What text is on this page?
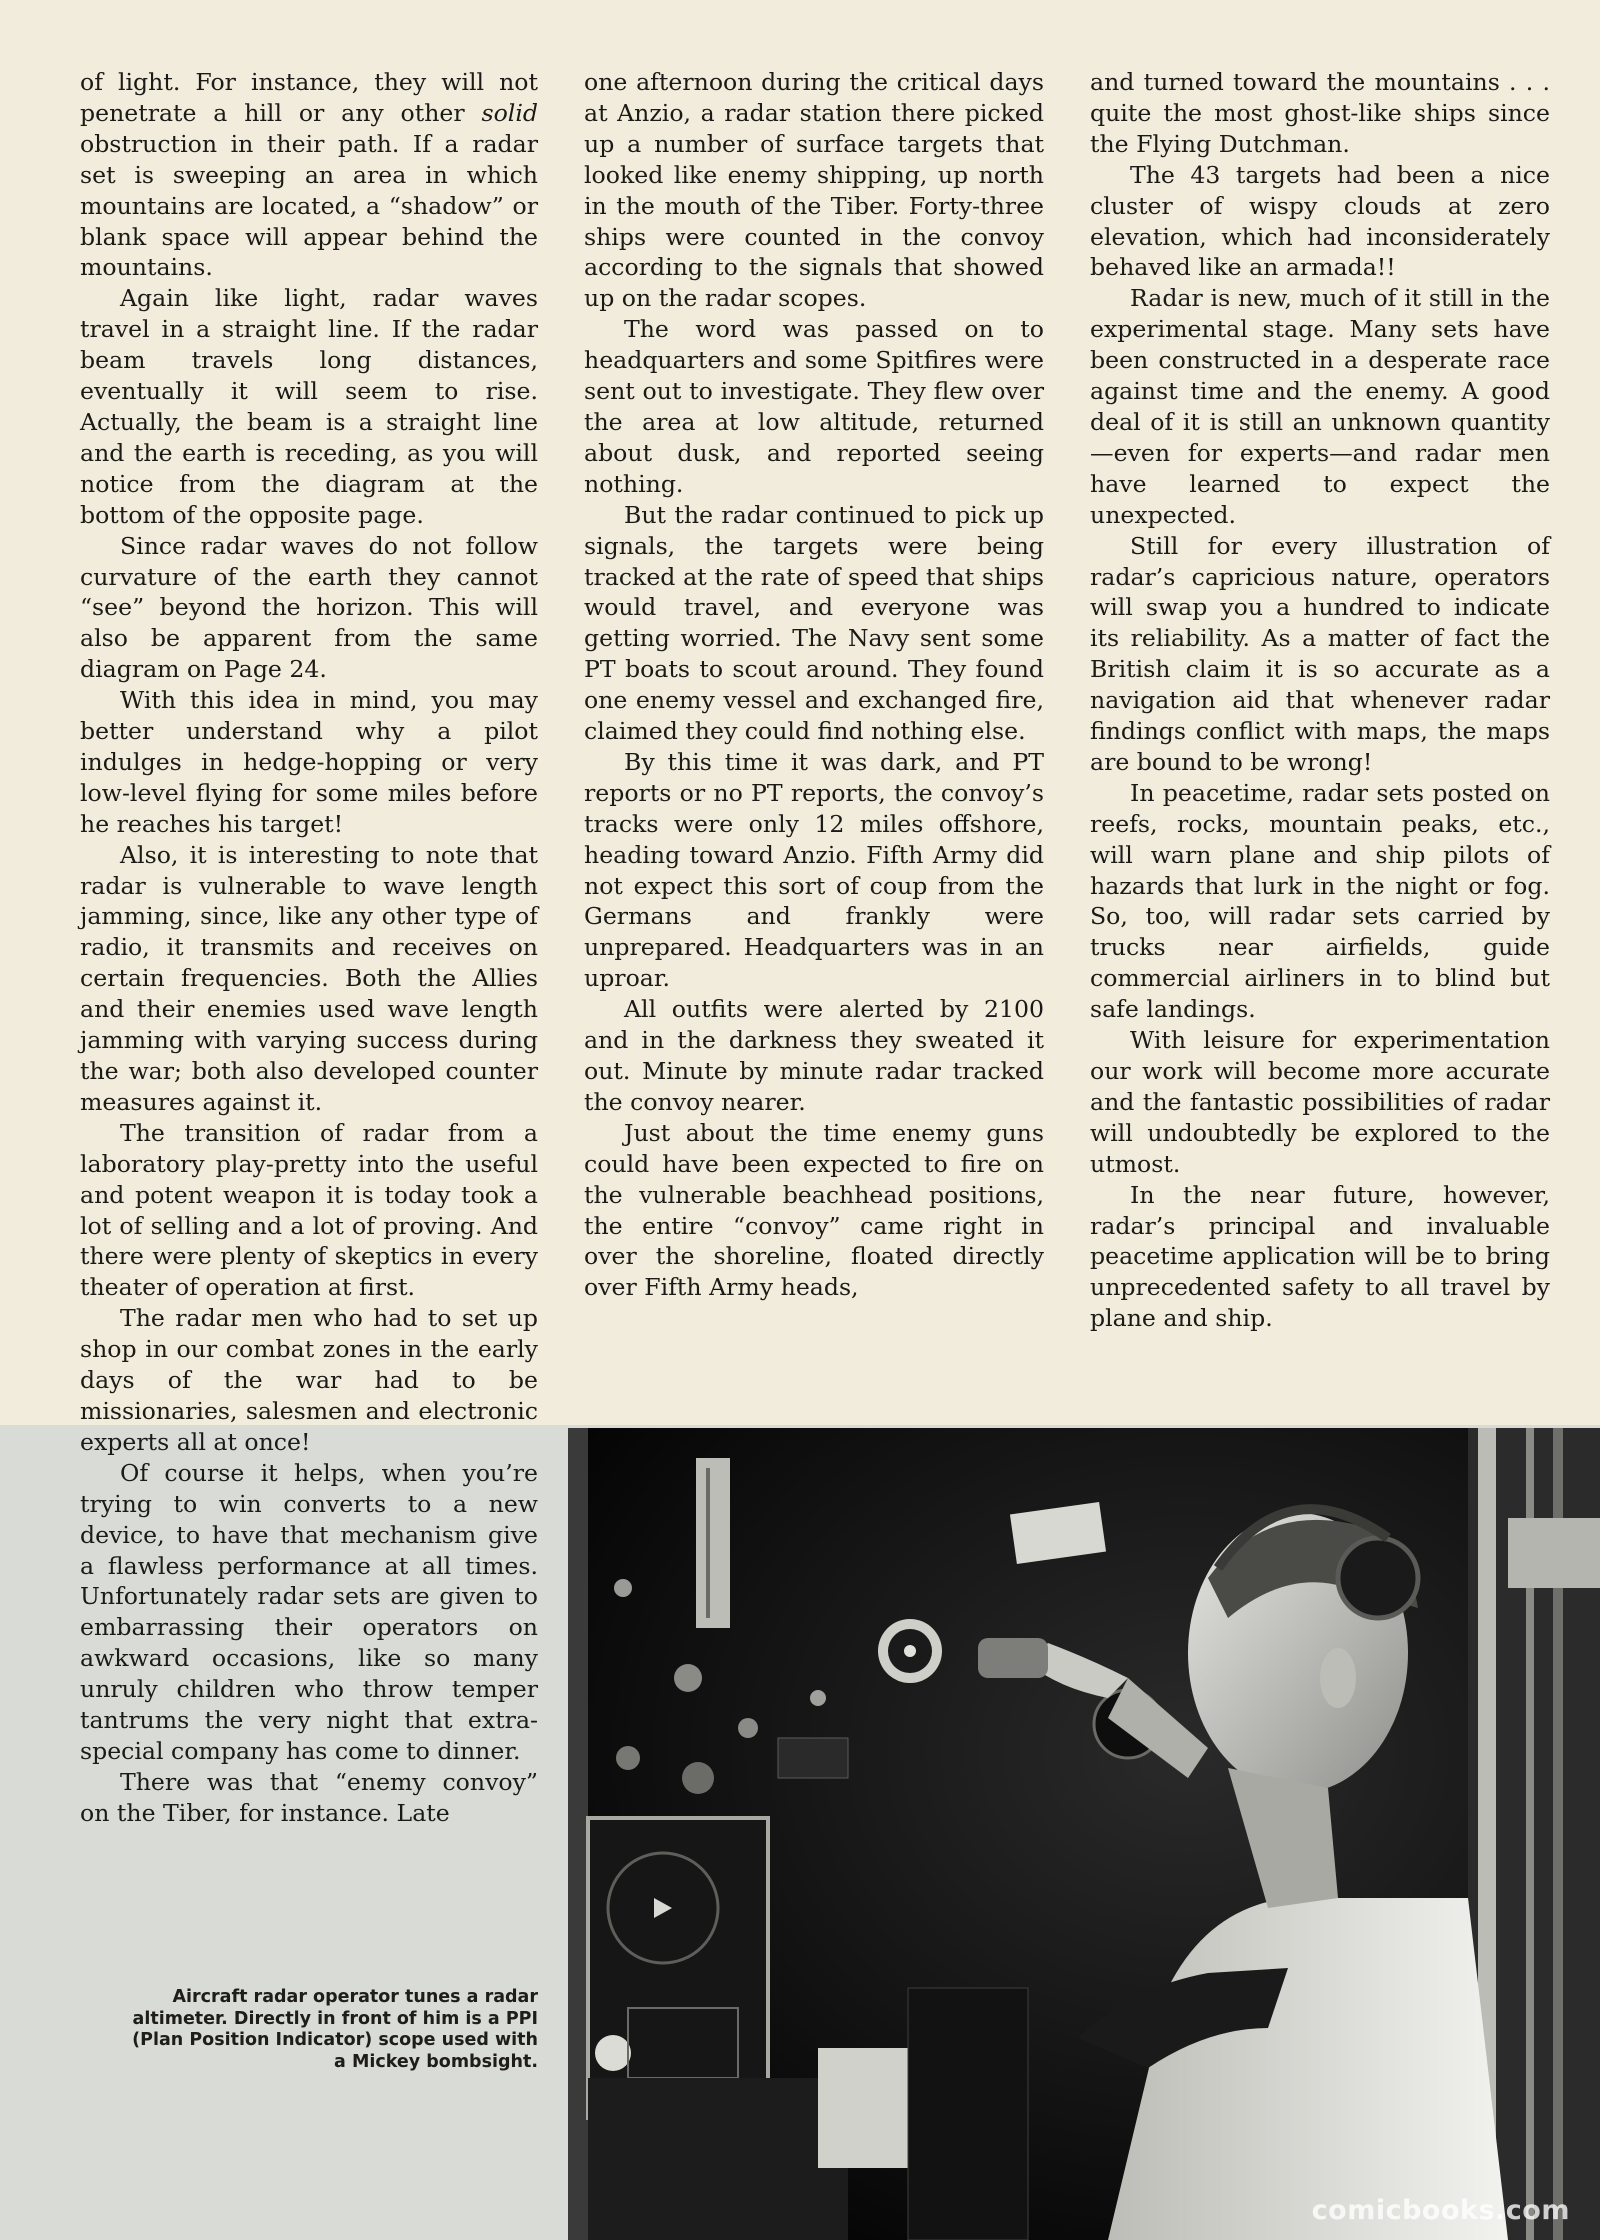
of light. For instance, they will not penetrate a hill or any other solid obstruction in their path. If a radar set is sweeping an area in which mountains are located, a “shadow” or blank space will appear behind the mountains.

Again like light, radar waves travel in a straight line. If the radar beam travels long distances, eventually it will seem to rise. Actually, the beam is a straight line and the earth is receding, as you will notice from the diagram at the bottom of the opposite page.

Since radar waves do not follow curvature of the earth they cannot “see” beyond the horizon. This will also be apparent from the same diagram on Page 24.

With this idea in mind, you may better understand why a pilot indulges in hedge-hopping or very low-level flying for some miles before he reaches his target!

Also, it is interesting to note that radar is vulnerable to wave length jamming, since, like any other type of radio, it transmits and receives on certain frequencies. Both the Allies and their enemies used wave length jamming with varying success during the war; both also developed counter measures against it.

The transition of radar from a laboratory play-pretty into the useful and potent weapon it is today took a lot of selling and a lot of proving. And there were plenty of skeptics in every theater of operation at first.

The radar men who had to set up shop in our combat zones in the early days of the war had to be missionaries, salesmen and electronic experts all at once!

Of course it helps, when you’re trying to win converts to a new device, to have that mechanism give a flawless performance at all times. Unfortunately radar sets are given to embarrassing their operators on awkward occasions, like so many unruly children who throw temper tantrums the very night that extra-special company has come to dinner.

There was that “enemy convoy” on the Tiber, for instance. Late

one afternoon during the critical days at Anzio, a radar station there picked up a number of surface targets that looked like enemy shipping, up north in the mouth of the Tiber. Forty-three ships were counted in the convoy according to the signals that showed up on the radar scopes.

The word was passed on to headquarters and some Spitfires were sent out to investigate. They flew over the area at low altitude, returned about dusk, and reported seeing nothing.

But the radar continued to pick up signals, the targets were being tracked at the rate of speed that ships would travel, and everyone was getting worried. The Navy sent some PT boats to scout around. They found one enemy vessel and exchanged fire, claimed they could find nothing else.

By this time it was dark, and PT reports or no PT reports, the convoy’s tracks were only 12 miles offshore, heading toward Anzio. Fifth Army did not expect this sort of coup from the Germans and frankly were unprepared. Headquarters was in an uproar.

All outfits were alerted by 2100 and in the darkness they sweated it out. Minute by minute radar tracked the convoy nearer.

Just about the time enemy guns could have been expected to fire on the vulnerable beachhead positions, the entire “convoy” came right in over the shoreline, floated directly over Fifth Army heads,

and turned toward the mountains . . . quite the most ghost-like ships since the Flying Dutchman.

The 43 targets had been a nice cluster of wispy clouds at zero elevation, which had inconsiderately behaved like an armada!!

Radar is new, much of it still in the experimental stage. Many sets have been constructed in a desperate race against time and the enemy. A good deal of it is still an unknown quantity—even for experts—and radar men have learned to expect the unexpected.

Still for every illustration of radar’s capricious nature, operators will swap you a hundred to indicate its reliability. As a matter of fact the British claim it is so accurate as a navigation aid that whenever radar findings conflict with maps, the maps are bound to be wrong!

In peacetime, radar sets posted on reefs, rocks, mountain peaks, etc., will warn plane and ship pilots of hazards that lurk in the night or fog. So, too, will radar sets carried by trucks near airfields, guide commercial airliners in to blind but safe landings.

With leisure for experimentation our work will become more accurate and the fantastic possibilities of radar will undoubtedly be explored to the utmost.

In the near future, however, radar’s principal and invaluable peacetime application will be to bring unprecedented safety to all travel by plane and ship.

Aircraft radar operator tunes a radar altimeter. Directly in front of him is a PPI (Plan Position Indicator) scope used with a Mickey bombsight.
comicbooks.com
